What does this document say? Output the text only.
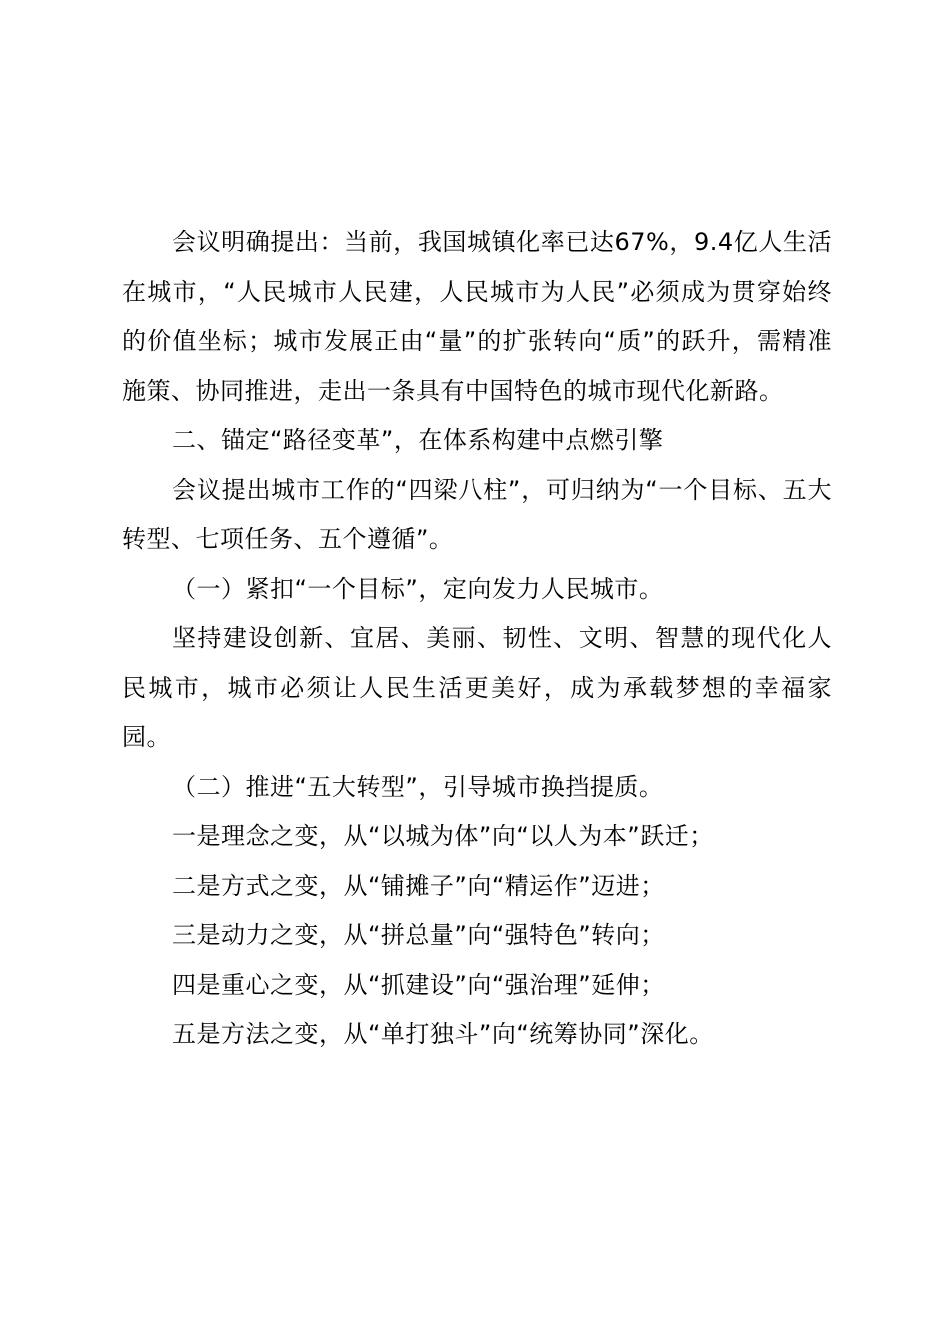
会议明确提出：当前，我国城镇化率已达67%，9.4亿人生活在城市，“人民城市人民建，人民城市为人民”必须成为贯穿始终的价值坐标；城市发展正由“量”的扩张转向“质”的跃升，需精准施策、协同推进，走出一条具有中国特色的城市现代化新路。

二、锚定“路径变革”，在体系构建中点燃引擎

会议提出城市工作的“四梁八柱”，可归纳为“一个目标、五大转型、七项任务、五个遵循”。

（一）紧扣“一个目标”，定向发力人民城市。

坚持建设创新、宜居、美丽、韧性、文明、智慧的现代化人民城市，城市必须让人民生活更美好，成为承载梦想的幸福家园。

（二）推进“五大转型”，引导城市换挡提质。

一是理念之变，从“以城为体”向“以人为本”跃迁；

二是方式之变，从“铺摊子”向“精运作”迈进；

三是动力之变，从“拼总量”向“强特色”转向；

四是重心之变，从“抓建设”向“强治理”延伸；

五是方法之变，从“单打独斗”向“统筹协同”深化。
